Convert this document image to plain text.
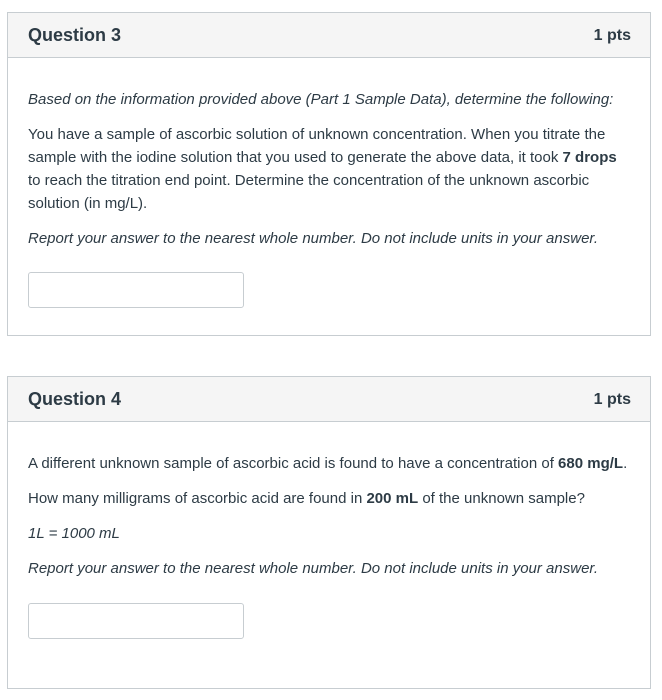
Question 3	1 pts

Based on the information provided above (Part 1 Sample Data), determine the following:

You have a sample of ascorbic solution of unknown concentration. When you titrate the sample with the iodine solution that you used to generate the above data, it took 7 drops to reach the titration end point. Determine the concentration of the unknown ascorbic solution (in mg/L).

Report your answer to the nearest whole number. Do not include units in your answer.

Question 4	1 pts

A different unknown sample of ascorbic acid is found to have a concentration of 680 mg/L.

How many milligrams of ascorbic acid are found in 200 mL of the unknown sample?

1L = 1000 mL

Report your answer to the nearest whole number. Do not include units in your answer.
